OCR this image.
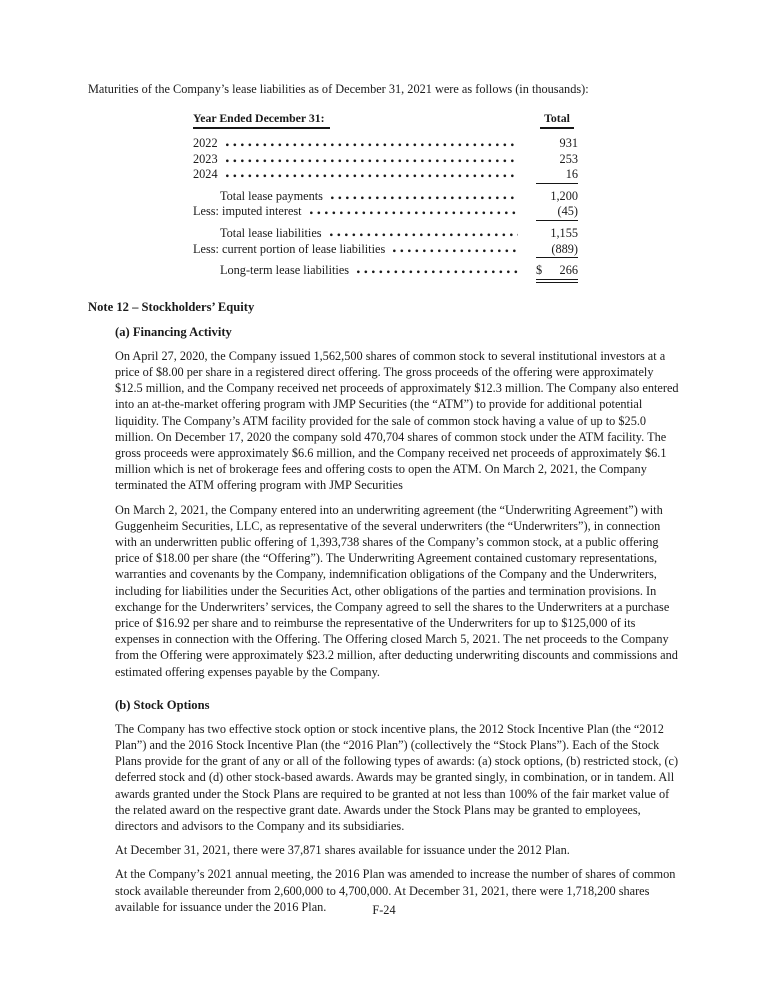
Maturities of the Company’s lease liabilities as of December 31, 2021 were as follows (in thousands):

Year Ended December 31:	Total
2022	931
2023	253
2024	16
Total lease payments	1,200
Less: imputed interest	(45)
Total lease liabilities	1,155
Less: current portion of lease liabilities	(889)
Long-term lease liabilities	$ 266
Note 12 – Stockholders’ Equity
(a) Financing Activity

On April 27, 2020, the Company issued 1,562,500 shares of common stock to several institutional investors at a price of $8.00 per share in a registered direct offering. The gross proceeds of the offering were approximately $12.5 million, and the Company received net proceeds of approximately $12.3 million. The Company also entered into an at-the-market offering program with JMP Securities (the “ATM”) to provide for additional potential liquidity. The Company’s ATM facility provided for the sale of common stock having a value of up to $25.0 million. On December 17, 2020 the company sold 470,704 shares of common stock under the ATM facility. The gross proceeds were approximately $6.6 million, and the Company received net proceeds of approximately $6.1 million which is net of brokerage fees and offering costs to open the ATM. On March 2, 2021, the Company terminated the ATM offering program with JMP Securities

On March 2, 2021, the Company entered into an underwriting agreement (the “Underwriting Agreement”) with Guggenheim Securities, LLC, as representative of the several underwriters (the “Underwriters”), in connection with an underwritten public offering of 1,393,738 shares of the Company’s common stock, at a public offering price of $18.00 per share (the “Offering”). The Underwriting Agreement contained customary representations, warranties and covenants by the Company, indemnification obligations of the Company and the Underwriters, including for liabilities under the Securities Act, other obligations of the parties and termination provisions. In exchange for the Underwriters’ services, the Company agreed to sell the shares to the Underwriters at a purchase price of $16.92 per share and to reimburse the representative of the Underwriters for up to $125,000 of its expenses in connection with the Offering. The Offering closed March 5, 2021. The net proceeds to the Company from the Offering were approximately $23.2 million, after deducting underwriting discounts and commissions and estimated offering expenses payable by the Company.

(b) Stock Options

The Company has two effective stock option or stock incentive plans, the 2012 Stock Incentive Plan (the “2012 Plan”) and the 2016 Stock Incentive Plan (the “2016 Plan”) (collectively the “Stock Plans”). Each of the Stock Plans provide for the grant of any or all of the following types of awards: (a) stock options, (b) restricted stock, (c) deferred stock and (d) other stock-based awards. Awards may be granted singly, in combination, or in tandem. All awards granted under the Stock Plans are required to be granted at not less than 100% of the fair market value of the related award on the respective grant date. Awards under the Stock Plans may be granted to employees, directors and advisors to the Company and its subsidiaries.

At December 31, 2021, there were 37,871 shares available for issuance under the 2012 Plan.

At the Company’s 2021 annual meeting, the 2016 Plan was amended to increase the number of shares of common stock available thereunder from 2,600,000 to 4,700,000. At December 31, 2021, there were 1,718,200 shares available for issuance under the 2016 Plan.	F-24
